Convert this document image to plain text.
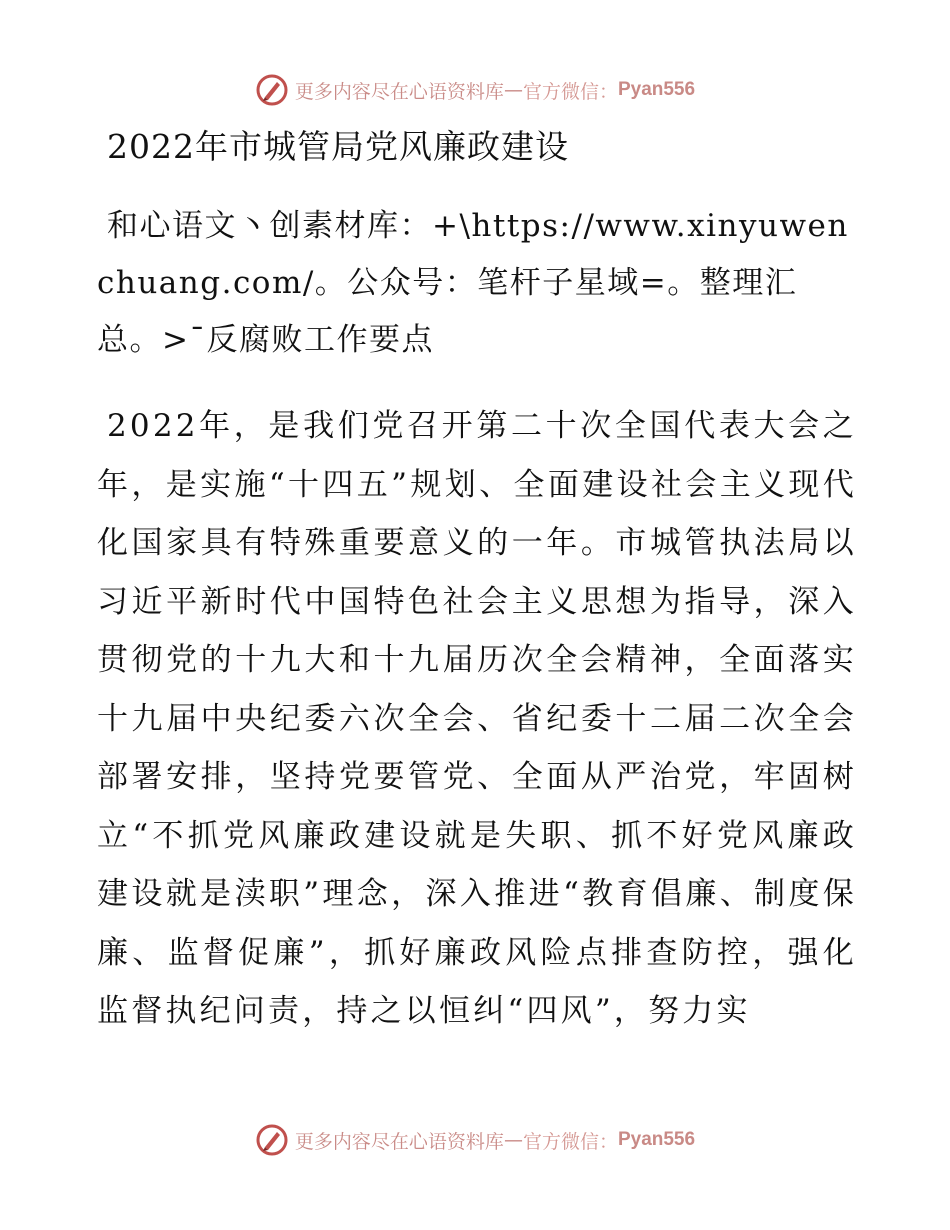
更多内容尽在心语资料库 — 官方微信： Pyan556
2022年市城管局党风廉政建设

和心语文丶创素材库：+\https://www.xinyuwenchuang.com/。公众号：笔杆子星域=。整理汇总。>¯反腐败工作要点

2022年，是我们党召开第二十次全国代表大会之年，是实施“十四五”规划、全面建设社会主义现代化国家具有特殊重要意义的一年。市城管执法局以习近平新时代中国特色社会主义思想为指导，深入贯彻党的十九大和十九届历次全会精神，全面落实十九届中央纪委六次全会、省纪委十二届二次全会部署安排，坚持党要管党、全面从严治党，牢固树立“不抓党风廉政建设就是失职、抓不好党风廉政建设就是渎职”理念，深入推进“教育倡廉、制度保廉、监督促廉”，抓好廉政风险点排查防控，强化监督执纪问责，持之以恒纠“四风”，努力实

更多内容尽在心语资料库 — 官方微信： Pyan556
